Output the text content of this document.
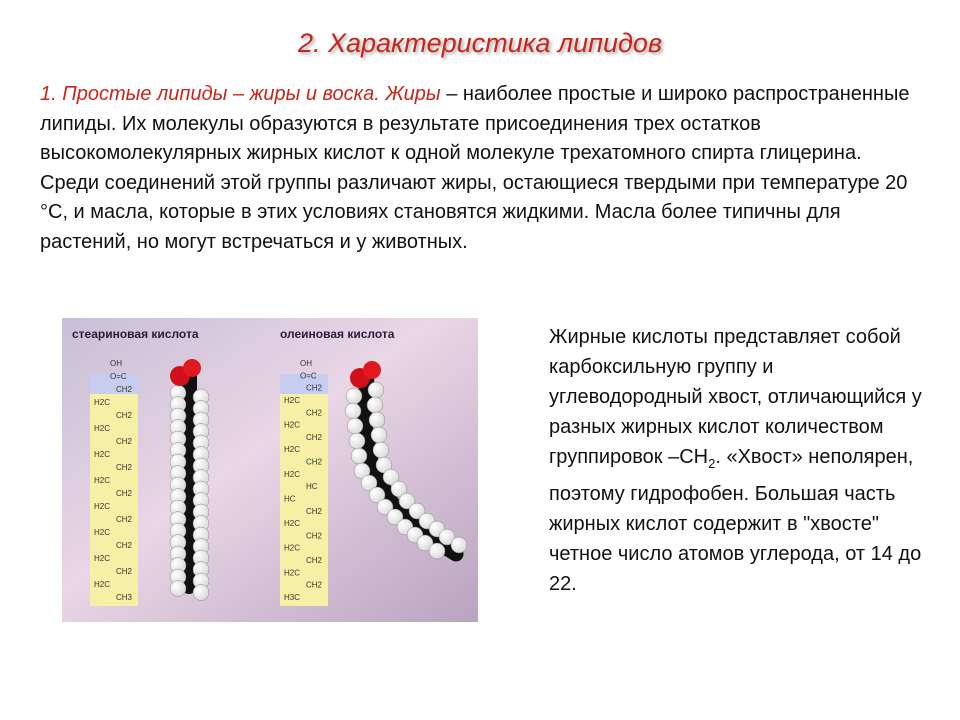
2. Характеристика липидов

1. Простые липиды – жиры и воска. Жиры – наиболее простые и широко распространенные липиды. Их молекулы образуются в результате присоединения трех остатков высокомолекулярных жирных кислот к одной молекуле трехатомного спирта глицерина. Среди соединений этой группы различают жиры, остающиеся твердыми при температуре 20 °С, и масла, которые в этих условиях становятся жидкими. Масла более типичны для растений, но могут встречаться и у животных.

стеариновая кислота	олеиновая кислота
OH
O=C
CH2
H2C
CH2
H2C
CH2
H2C
CH2
H2C
CH2
H2C
CH2
H2C
CH2
H2C
CH2
H2C
CH3
OH
O=C
CH2
H2C
CH2
H2C
CH2
H2C
CH2
H2C
HC
HC
CH2
H2C
CH2
H2C
CH2
H2C
CH2
H3C

Жирные кислоты представляет собой карбоксильную группу и углеводородный хвост, отличающийся у разных жирных кислот количеством группировок $-СН_2$. «Хвост» неполярен, поэтому гидрофобен. Большая часть жирных кислот содержит в "хвосте" четное число атомов углерода, от 14 до 22.
